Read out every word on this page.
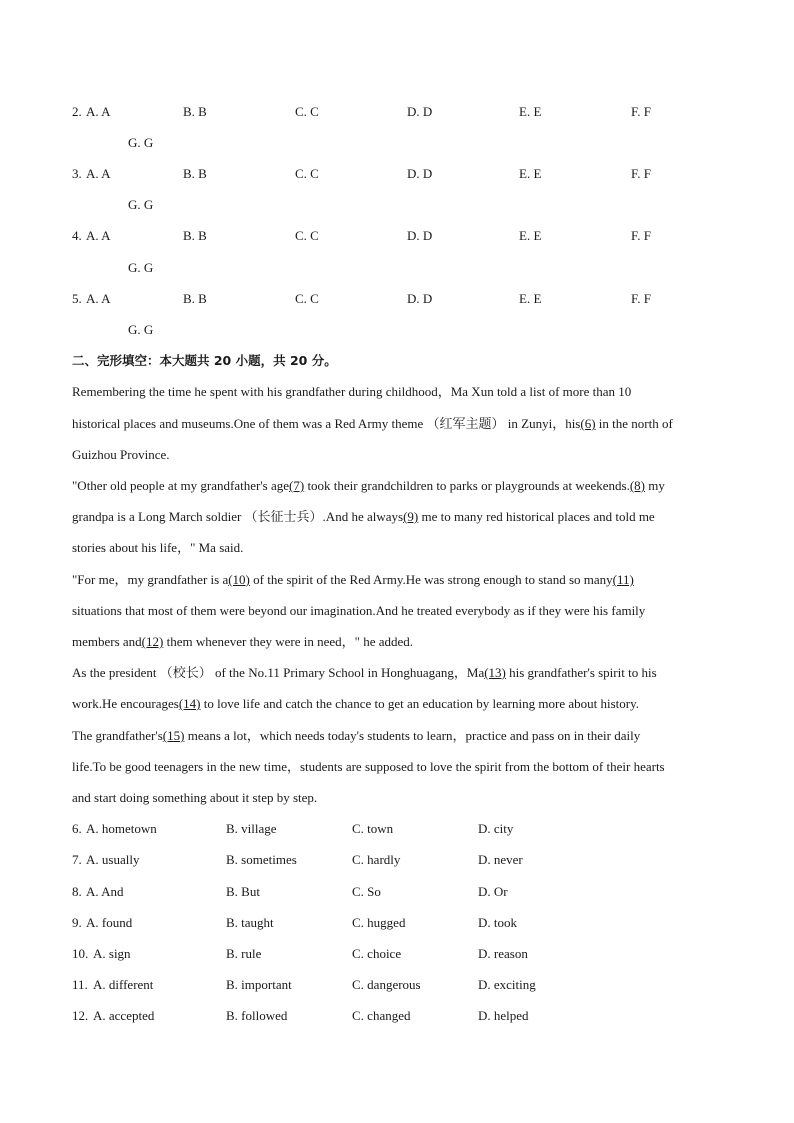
2. A. A	B. B	C. C	D. D	E. E	F. F
G. G
3. A. A	B. B	C. C	D. D	E. E	F. F
G. G
4. A. A	B. B	C. C	D. D	E. E	F. F
G. G
5. A. A	B. B	C. C	D. D	E. E	F. F
G. G
二、完形填空：本大题共 20 小题，共 20 分。
Remembering the time he spent with his grandfather during childhood，Ma Xun told a list of more than 10
historical places and museums.One of them was a Red Army theme （红军主题） in Zunyi，his(6) in the north of
Guizhou Province.
"Other old people at my grandfather's age(7) took their grandchildren to parks or playgrounds at weekends.(8) my
grandpa is a Long March soldier （长征士兵）.And he always(9) me to many red historical places and told me
stories about his life，" Ma said.
"For me，my grandfather is a(10) of the spirit of the Red Army.He was strong enough to stand so many(11)
situations that most of them were beyond our imagination.And he treated everybody as if they were his family
members and(12) them whenever they were in need，" he added.
As the president （校长） of the No.11 Primary School in Honghuagang，Ma(13) his grandfather's spirit to his
work.He encourages(14) to love life and catch the chance to get an education by learning more about history.
The grandfather's(15) means a lot，which needs today's students to learn，practice and pass on in their daily
life.To be good teenagers in the new time，students are supposed to love the spirit from the bottom of their hearts
and start doing something about it step by step.
6. A. hometown	B. village	C. town	D. city
7. A. usually	B. sometimes	C. hardly	D. never
8. A. And	B. But	C. So	D. Or
9. A. found	B. taught	C. hugged	D. took
10. A. sign	B. rule	C. choice	D. reason
11. A. different	B. important	C. dangerous	D. exciting
12. A. accepted	B. followed	C. changed	D. helped
